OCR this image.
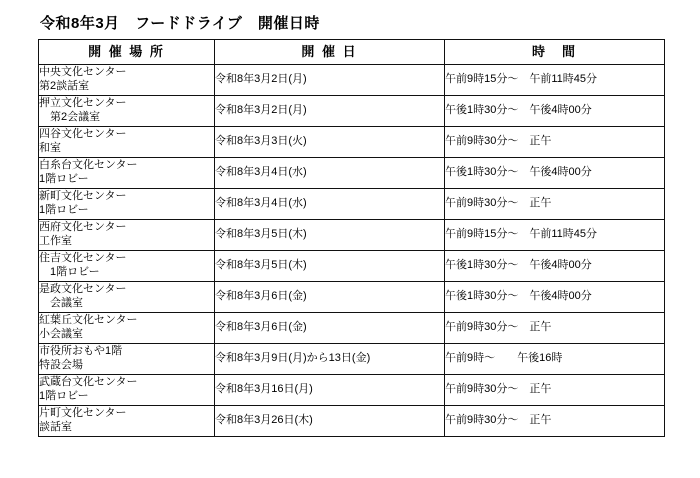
令和8年3月　フードドライブ　開催日時
開 催 場 所	開 催 日	時　間

中央文化センター
第2談話室	令和8年3月2日(月)	午前9時15分～　午前11時45分

押立文化センター
　第2会議室	令和8年3月2日(月)	午後1時30分～　午後4時00分

四谷文化センター
和室	令和8年3月3日(火)	午前9時30分～　正午

白糸台文化センター
1階ロビー	令和8年3月4日(水)	午後1時30分～　午後4時00分

新町文化センター
1階ロビー	令和8年3月4日(水)	午前9時30分～　正午

西府文化センター
工作室	令和8年3月5日(木)	午前9時15分～　午前11時45分

住吉文化センター
　1階ロビー	令和8年3月5日(木)	午後1時30分～　午後4時00分

是政文化センター
　会議室	令和8年3月6日(金)	午後1時30分～　午後4時00分

紅葉丘文化センター
小会議室	令和8年3月6日(金)	午前9時30分～　正午

市役所おもや1階
特設会場	令和8年3月9日(月)から13日(金)	午前9時～　　午後16時

武蔵台文化センター
1階ロビー	令和8年3月16日(月)	午前9時30分～　正午

片町文化センター
談話室	令和8年3月26日(木)	午前9時30分～　正午
